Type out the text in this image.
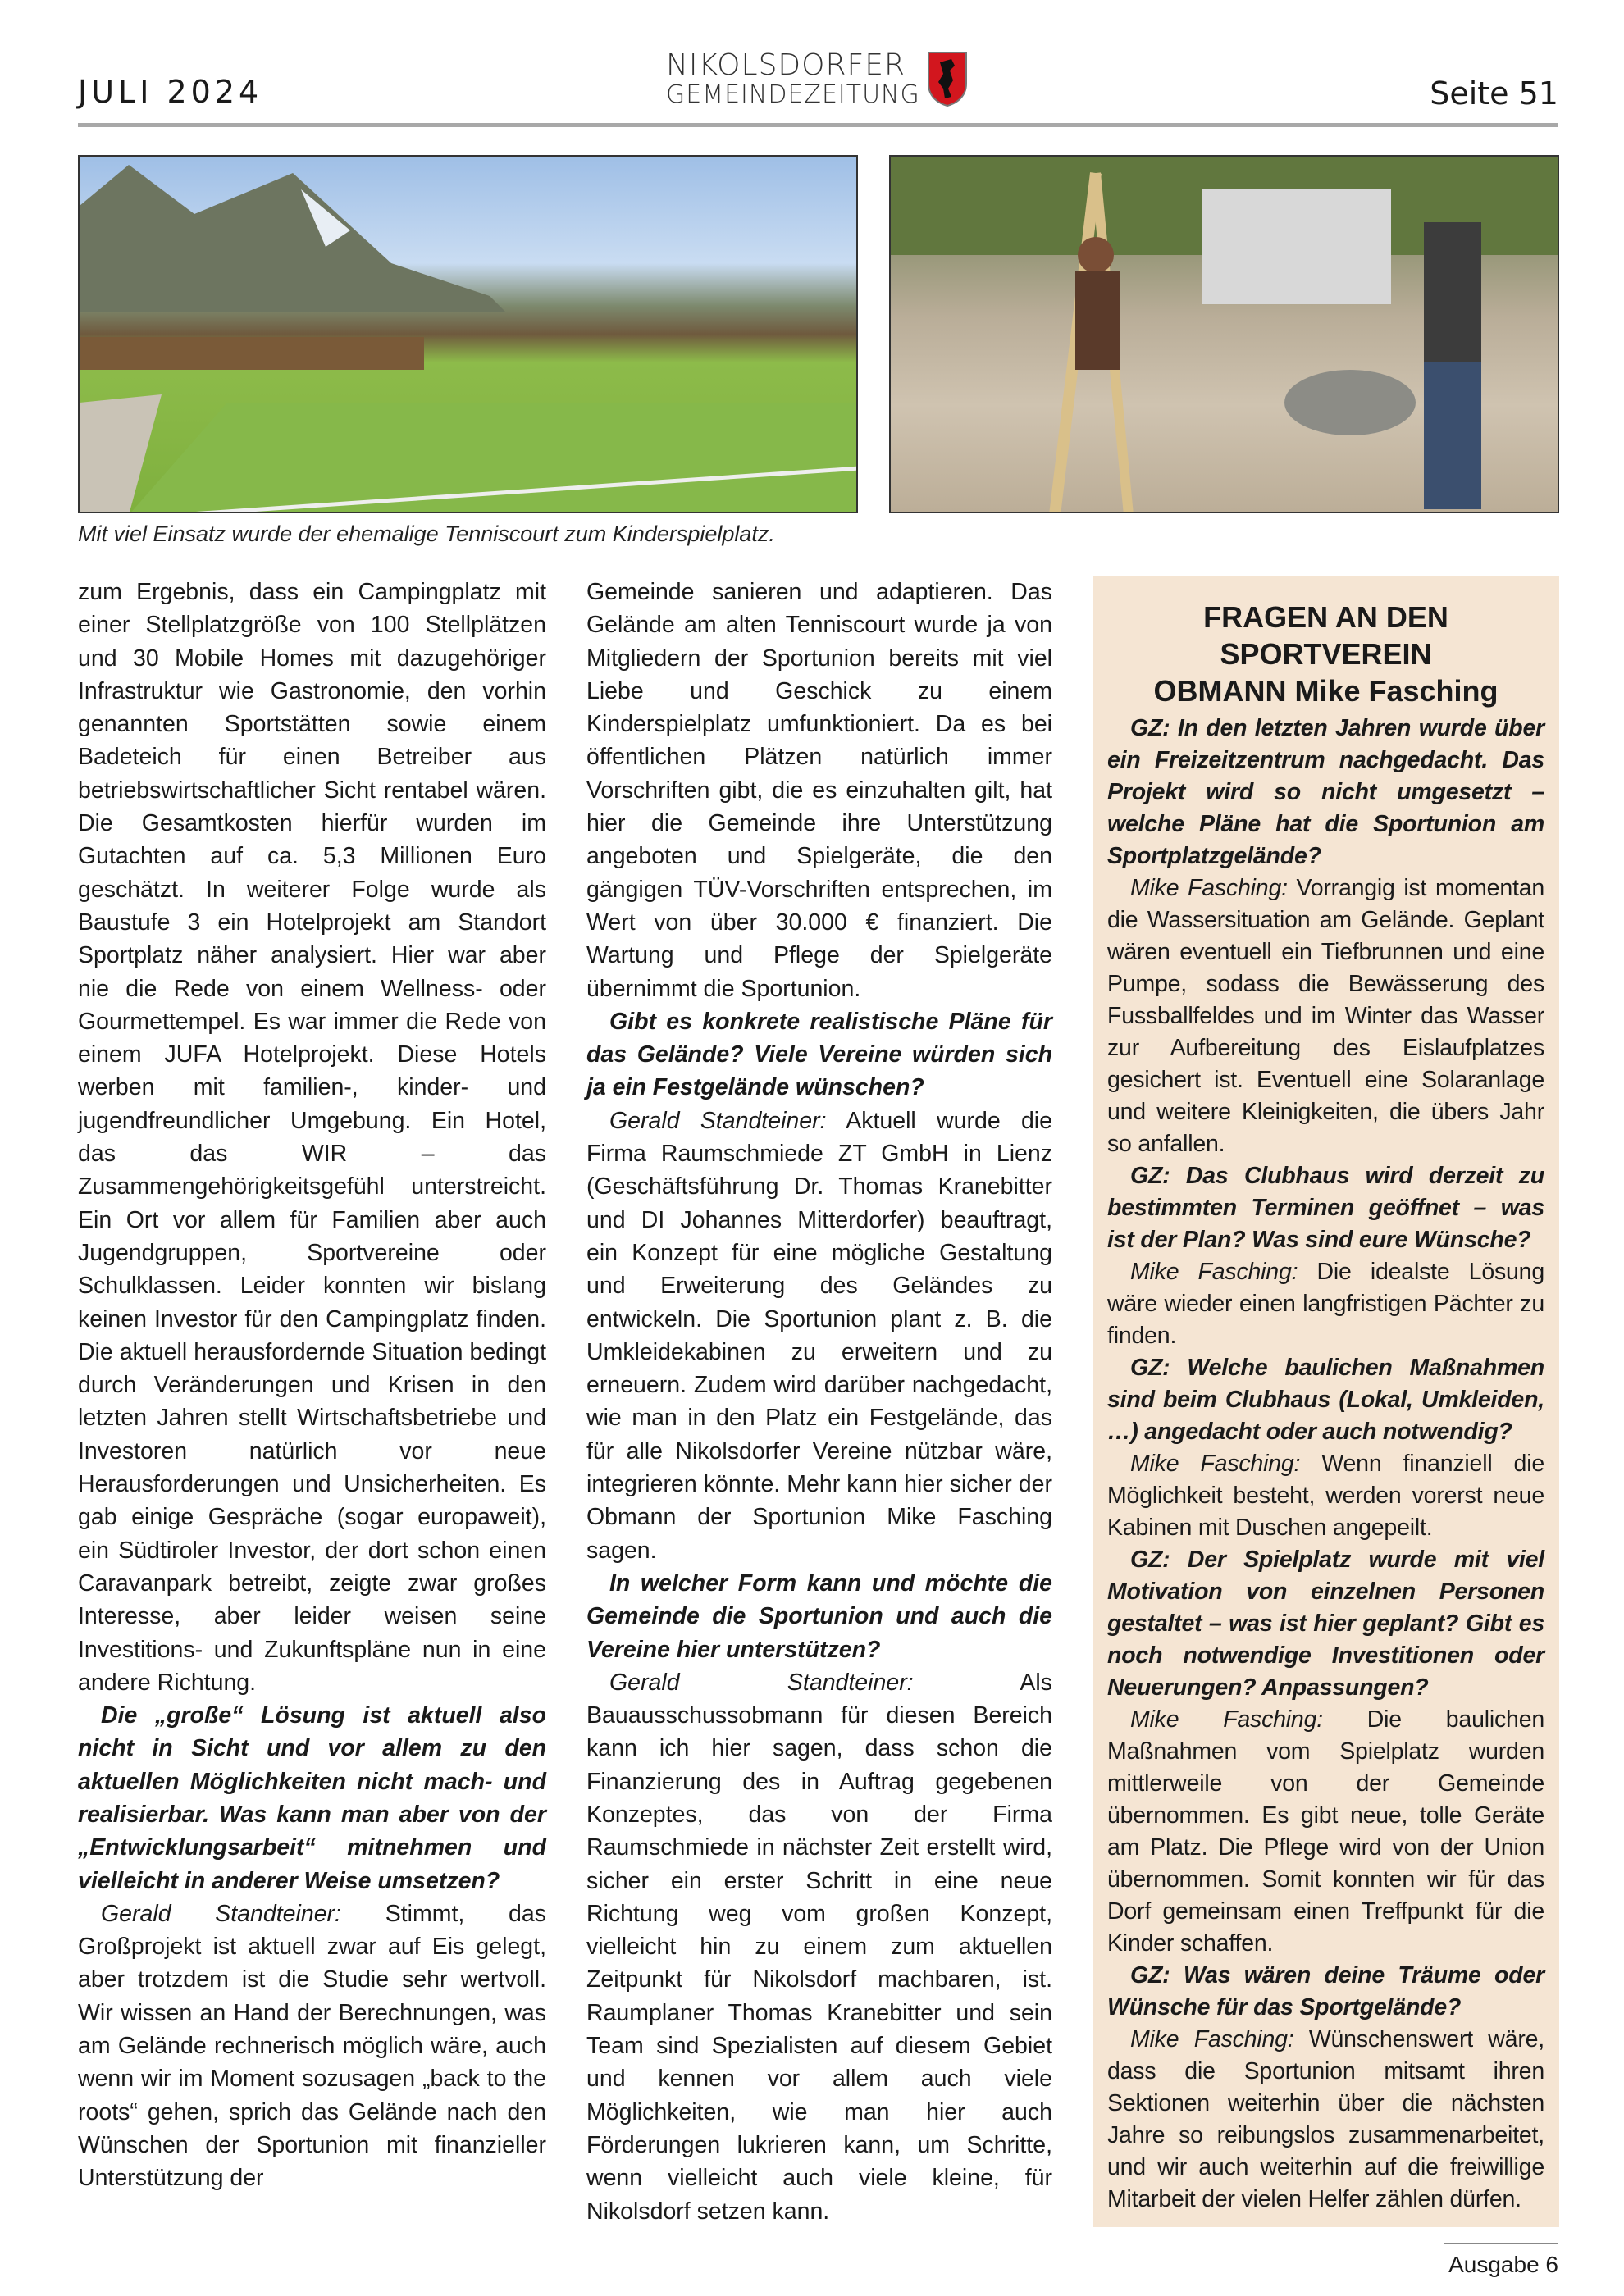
JULI 2024
NIKOLSDORFER
GEMEINDEZEITUNG	Seite 51
Mit viel Einsatz wurde der ehemalige Tenniscourt zum Kinderspielplatz.

zum Ergebnis, dass ein Campingplatz mit einer Stellplatzgröße von 100 Stellplätzen und 30 Mobile Homes mit dazugehöriger Infrastruktur wie Gastronomie, den vorhin genannten Sportstätten sowie einem Badeteich für einen Betreiber aus betriebswirtschaftlicher Sicht rentabel wären. Die Gesamtkosten hierfür wurden im Gutachten auf ca. 5,3 Millionen Euro geschätzt. In weiterer Folge wurde als Baustufe 3 ein Hotelprojekt am Standort Sportplatz näher analysiert. Hier war aber nie die Rede von einem Wellness- oder Gourmettempel. Es war immer die Rede von einem JUFA Hotelprojekt. Diese Hotels werben mit familien-, kinder- und jugendfreundlicher Umgebung. Ein Hotel, das das WIR – das Zusammengehörigkeitsgefühl unterstreicht. Ein Ort vor allem für Familien aber auch Jugendgruppen, Sportvereine oder Schulklassen. Leider konnten wir bislang keinen Investor für den Campingplatz finden. Die aktuell herausfordernde Situation bedingt durch Veränderungen und Krisen in den letzten Jahren stellt Wirtschaftsbetriebe und Investoren natürlich vor neue Herausforderungen und Unsicherheiten. Es gab einige Gespräche (sogar europaweit), ein Südtiroler Investor, der dort schon einen Caravanpark betreibt, zeigte zwar großes Interesse, aber leider weisen seine Investitions- und Zukunftspläne nun in eine andere Richtung.

Die „große“ Lösung ist aktuell also nicht in Sicht und vor allem zu den aktuellen Möglichkeiten nicht mach- und realisierbar. Was kann man aber von der „Entwicklungsarbeit“ mitnehmen und vielleicht in anderer Weise umsetzen?

Gerald Standteiner: Stimmt, das Großprojekt ist aktuell zwar auf Eis gelegt, aber trotzdem ist die Studie sehr wertvoll. Wir wissen an Hand der Berechnungen, was am Gelände rechnerisch möglich wäre, auch wenn wir im Moment sozusagen „back to the roots“ gehen, sprich das Gelände nach den Wünschen der Sportunion mit finanzieller Unterstützung der

Gemeinde sanieren und adaptieren. Das Gelände am alten Tenniscourt wurde ja von Mitgliedern der Sportunion bereits mit viel Liebe und Geschick zu einem Kinderspielplatz umfunktioniert. Da es bei öffentlichen Plätzen natürlich immer Vorschriften gibt, die es einzuhalten gilt, hat hier die Gemeinde ihre Unterstützung angeboten und Spielgeräte, die den gängigen TÜV-Vorschriften entsprechen, im Wert von über 30.000 € finanziert. Die Wartung und Pflege der Spielgeräte übernimmt die Sportunion.

Gibt es konkrete realistische Pläne für das Gelände? Viele Vereine würden sich ja ein Festgelände wünschen?

Gerald Standteiner: Aktuell wurde die Firma Raumschmiede ZT GmbH in Lienz (Geschäftsführung Dr. Thomas Kranebitter und DI Johannes Mitterdorfer) beauftragt, ein Konzept für eine mögliche Gestaltung und Erweiterung des Geländes zu entwickeln. Die Sportunion plant z. B. die Umkleidekabinen zu erweitern und zu erneuern. Zudem wird darüber nachgedacht, wie man in den Platz ein Festgelände, das für alle Nikolsdorfer Vereine nützbar wäre, integrieren könnte. Mehr kann hier sicher der Obmann der Sportunion Mike Fasching sagen.

In welcher Form kann und möchte die Gemeinde die Sportunion und auch die Vereine hier unterstützen?

Gerald Standteiner: Als Bauausschussobmann für diesen Bereich kann ich hier sagen, dass schon die Finanzierung des in Auftrag gegebenen Konzeptes, das von der Firma Raumschmiede in nächster Zeit erstellt wird, sicher ein erster Schritt in eine neue Richtung weg vom großen Konzept, vielleicht hin zu einem zum aktuellen Zeitpunkt für Nikolsdorf machbaren, ist. Raumplaner Thomas Kranebitter und sein Team sind Spezialisten auf diesem Gebiet und kennen vor allem auch viele Möglichkeiten, wie man hier auch Förderungen lukrieren kann, um Schritte, wenn vielleicht auch viele kleine, für Nikolsdorf setzen kann.

FRAGEN AN DEN SPORTVEREIN
OBMANN Mike Fasching

GZ: In den letzten Jahren wurde über ein Freizeitzentrum nachgedacht. Das Projekt wird so nicht umgesetzt – welche Pläne hat die Sportunion am Sportplatzgelände?

Mike Fasching: Vorrangig ist momentan die Wassersituation am Gelände. Geplant wären eventuell ein Tiefbrunnen und eine Pumpe, sodass die Bewässerung des Fussballfeldes und im Winter das Wasser zur Aufbereitung des Eislaufplatzes gesichert ist. Eventuell eine Solaranlage und weitere Kleinigkeiten, die übers Jahr so anfallen.

GZ: Das Clubhaus wird derzeit zu bestimmten Terminen geöffnet – was ist der Plan? Was sind eure Wünsche?

Mike Fasching: Die idealste Lösung wäre wieder einen langfristigen Pächter zu finden.

GZ: Welche baulichen Maßnahmen sind beim Clubhaus (Lokal, Umkleiden, …) angedacht oder auch notwendig?

Mike Fasching: Wenn finanziell die Möglichkeit besteht, werden vorerst neue Kabinen mit Duschen angepeilt.

GZ: Der Spielplatz wurde mit viel Motivation von einzelnen Personen gestaltet – was ist hier geplant? Gibt es noch notwendige Investitionen oder Neuerungen? Anpassungen?

Mike Fasching: Die baulichen Maßnahmen vom Spielplatz wurden mittlerweile von der Gemeinde übernommen. Es gibt neue, tolle Geräte am Platz. Die Pflege wird von der Union übernommen. Somit konnten wir für das Dorf gemeinsam einen Treffpunkt für die Kinder schaffen.

GZ: Was wären deine Träume oder Wünsche für das Sportgelände?

Mike Fasching: Wünschenswert wäre, dass die Sportunion mitsamt ihren Sektionen weiterhin über die nächsten Jahre so reibungslos zusammenarbeitet, und wir auch weiterhin auf die freiwillige Mitarbeit der vielen Helfer zählen dürfen.

Ausgabe 6
